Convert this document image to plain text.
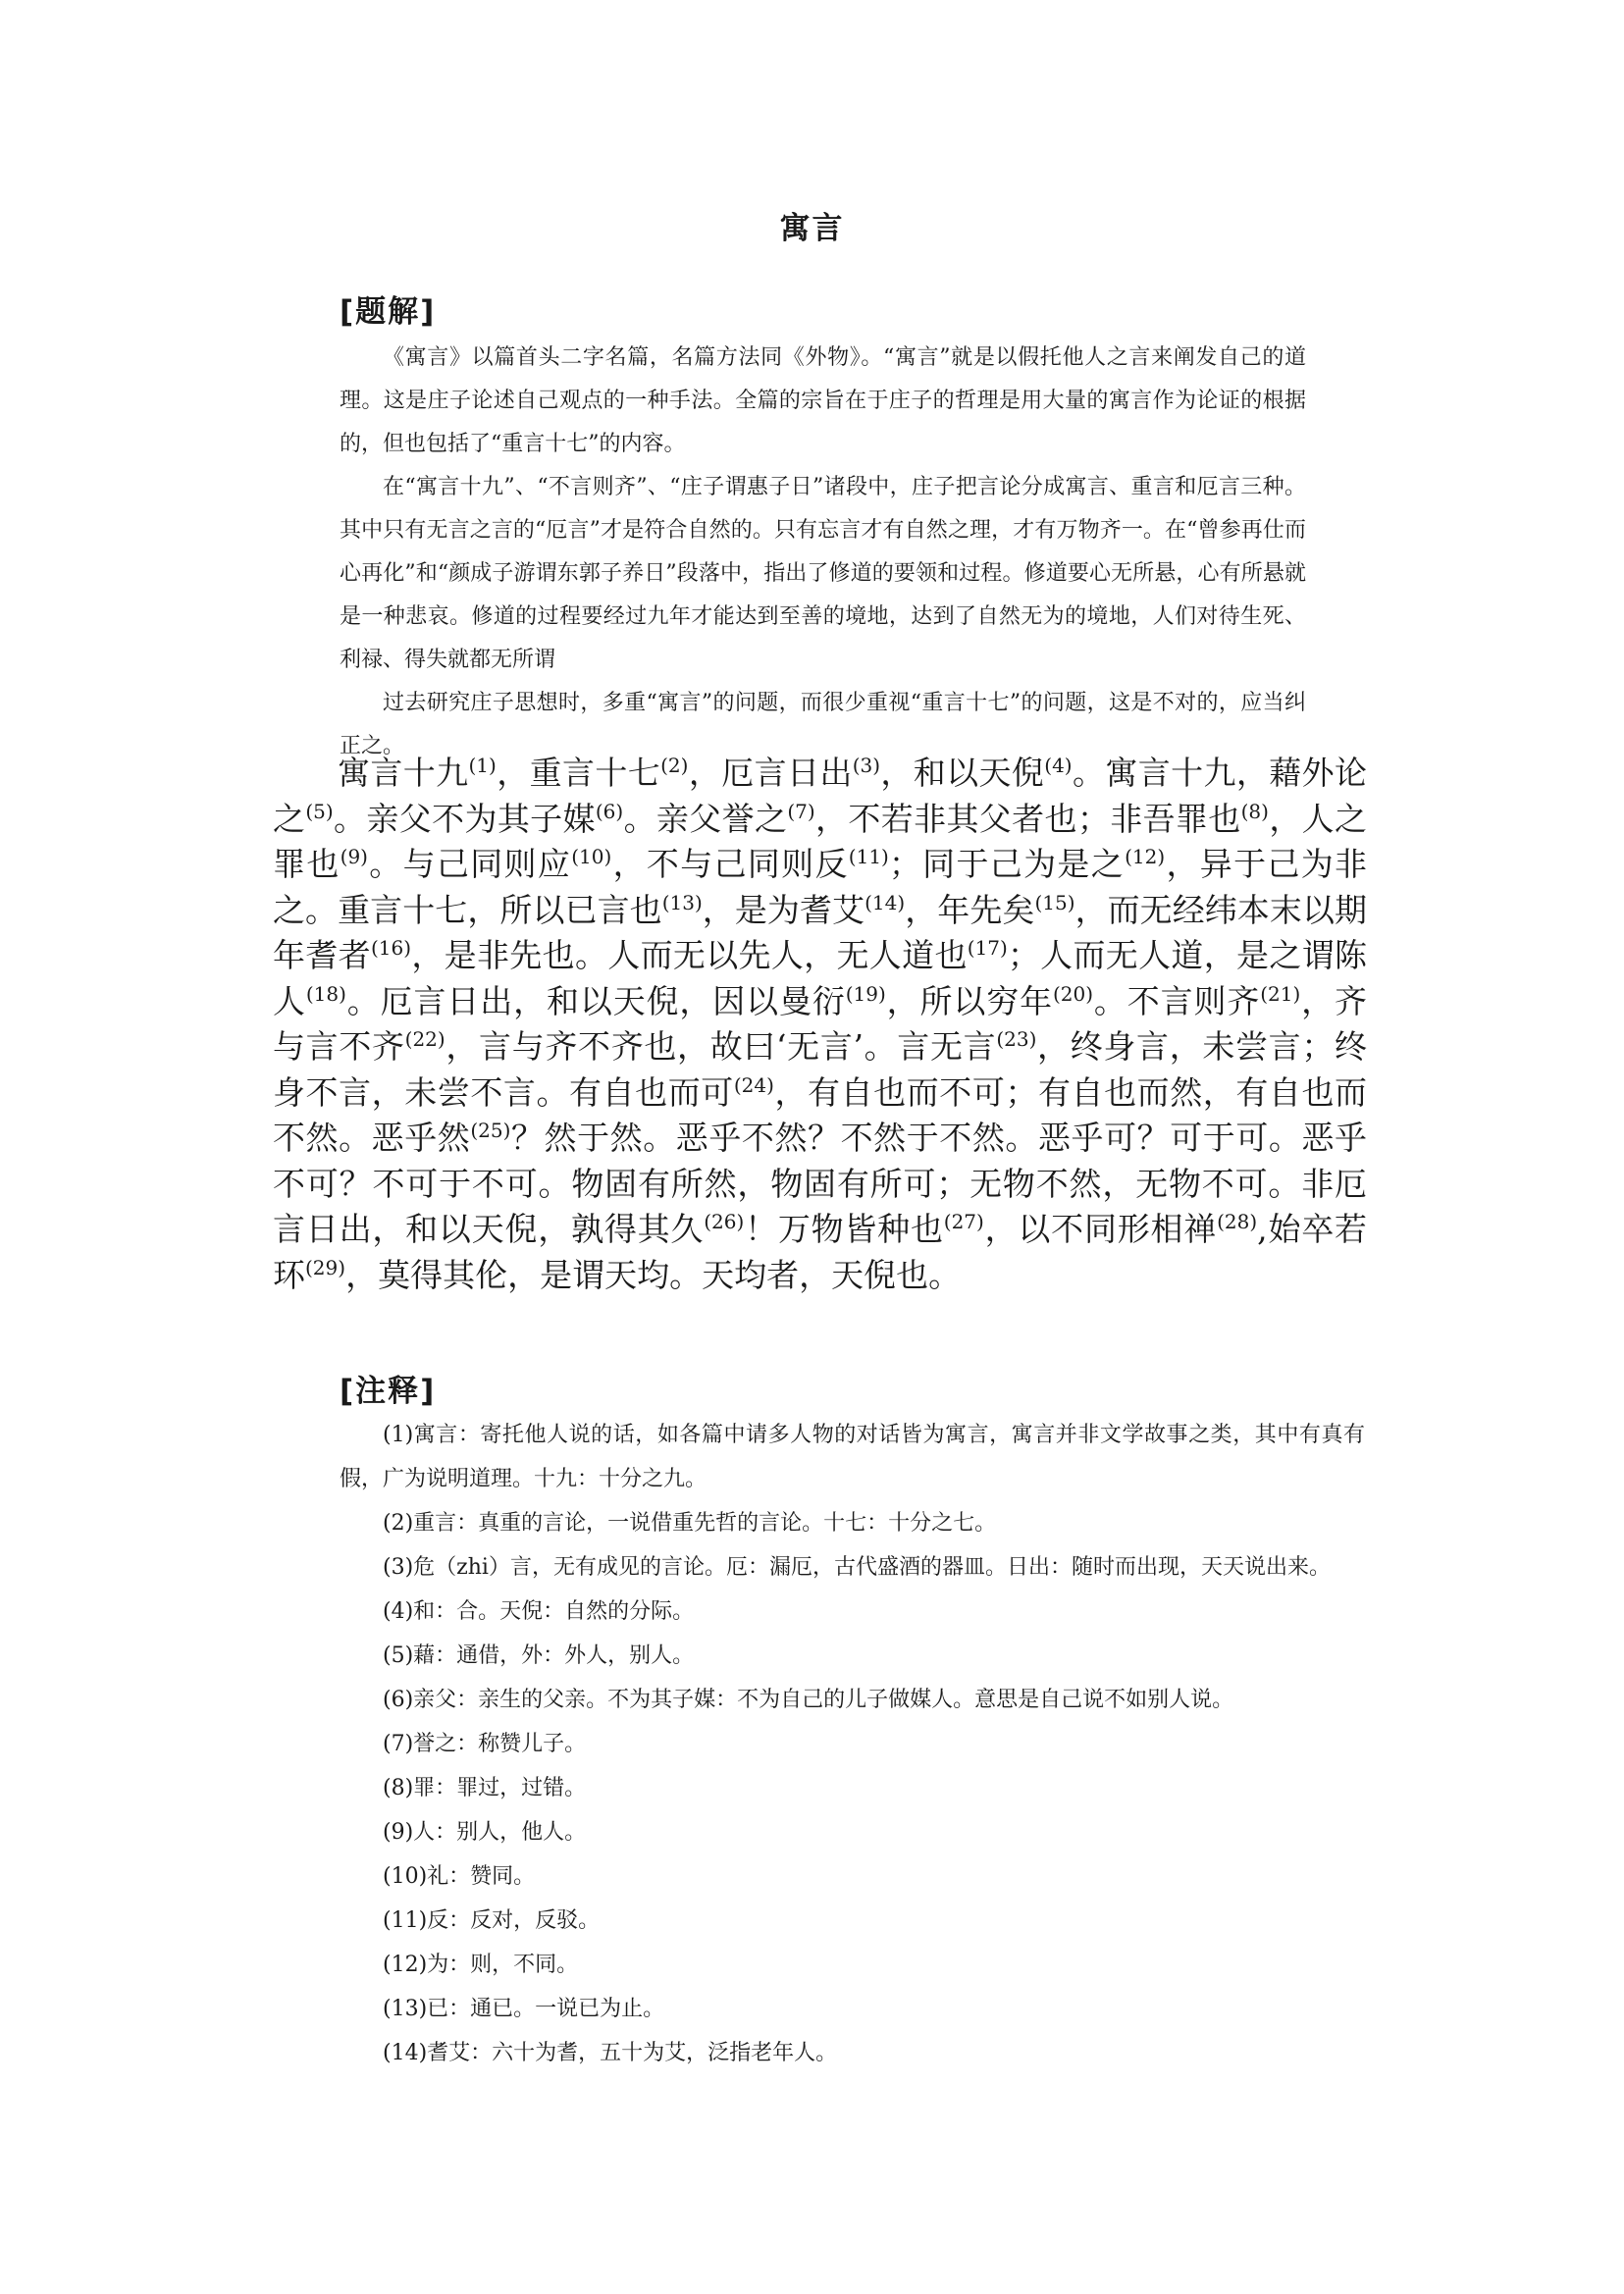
寓言
[题解]

《寓言》以篇首头二字名篇，名篇方法同《外物》。“寓言”就是以假托他人之言来阐发自己的道理。这是庄子论述自己观点的一种手法。全篇的宗旨在于庄子的哲理是用大量的寓言作为论证的根据的，但也包括了“重言十七”的内容。

在“寓言十九”、“不言则齐”、“庄子谓惠子日”诸段中，庄子把言论分成寓言、重言和厄言三种。其中只有无言之言的“厄言”才是符合自然的。只有忘言才有自然之理，才有万物齐一。在“曾参再仕而心再化”和“颜成子游谓东郭子养日”段落中，指出了修道的要领和过程。修道要心无所悬，心有所悬就是一种悲哀。修道的过程要经过九年才能达到至善的境地，达到了自然无为的境地，人们对待生死、利禄、得失就都无所谓

过去研究庄子思想时，多重“寓言”的问题，而很少重视“重言十七”的问题，这是不对的，应当纠正之。

寓言十九$^{(1)}$，重言十七$^{(2)}$，厄言日出$^{(3)}$，和以天倪$^{(4)}$。寓言十九，藉外论之$^{(5)}$。亲父不为其子媒$^{(6)}$。亲父誉之$^{(7)}$，不若非其父者也；非吾罪也$^{(8)}$，人之罪也$^{(9)}$。与己同则应$^{(10)}$，不与己同则反$^{(11)}$；同于己为是之$^{(12)}$，异于己为非之。重言十七，所以已言也$^{(13)}$，是为耆艾$^{(14)}$，年先矣$^{(15)}$，而无经纬本末以期年耆者$^{(16)}$，是非先也。人而无以先人，无人道也$^{(17)}$；人而无人道，是之谓陈人$^{(18)}$。厄言日出，和以天倪，因以曼衍$^{(19)}$，所以穷年$^{(20)}$。不言则齐$^{(21)}$，齐与言不齐$^{(22)}$，言与齐不齐也，故曰‘无言’。言无言$^{(23)}$，终身言，未尝言；终身不言，未尝不言。有自也而可$^{(24)}$，有自也而不可；有自也而然，有自也而不然。恶乎然$^{(25)}$？然于然。恶乎不然？不然于不然。恶乎可？可于可。恶乎不可？不可于不可。物固有所然，物固有所可；无物不然，无物不可。非厄言日出，和以天倪，孰得其久$^{(26)}$！万物皆种也$^{(27)}$，以不同形相禅$^{(28)}$,始卒若环$^{(29)}$，莫得其伦，是谓天均。天均者，天倪也。

[注释]
(1)寓言：寄托他人说的话，如各篇中请多人物的对话皆为寓言，寓言并非文学故事之类，其中有真有假，广为说明道理。十九：十分之九。
(2)重言：真重的言论，一说借重先哲的言论。十七：十分之七。
(3)危（zhi）言，无有成见的言论。厄：漏厄，古代盛酒的器皿。日出：随时而出现，天天说出来。
(4)和：合。天倪：自然的分际。
(5)藉：通借，外：外人，别人。
(6)亲父：亲生的父亲。不为其子媒：不为自己的儿子做媒人。意思是自己说不如别人说。
(7)誉之：称赞儿子。
(8)罪：罪过，过错。
(9)人：别人，他人。
(10)礼：赞同。
(11)反：反对，反驳。
(12)为：则，不同。
(13)已：通已。一说已为止。
(14)耆艾：六十为耆，五十为艾，泛指老年人。
